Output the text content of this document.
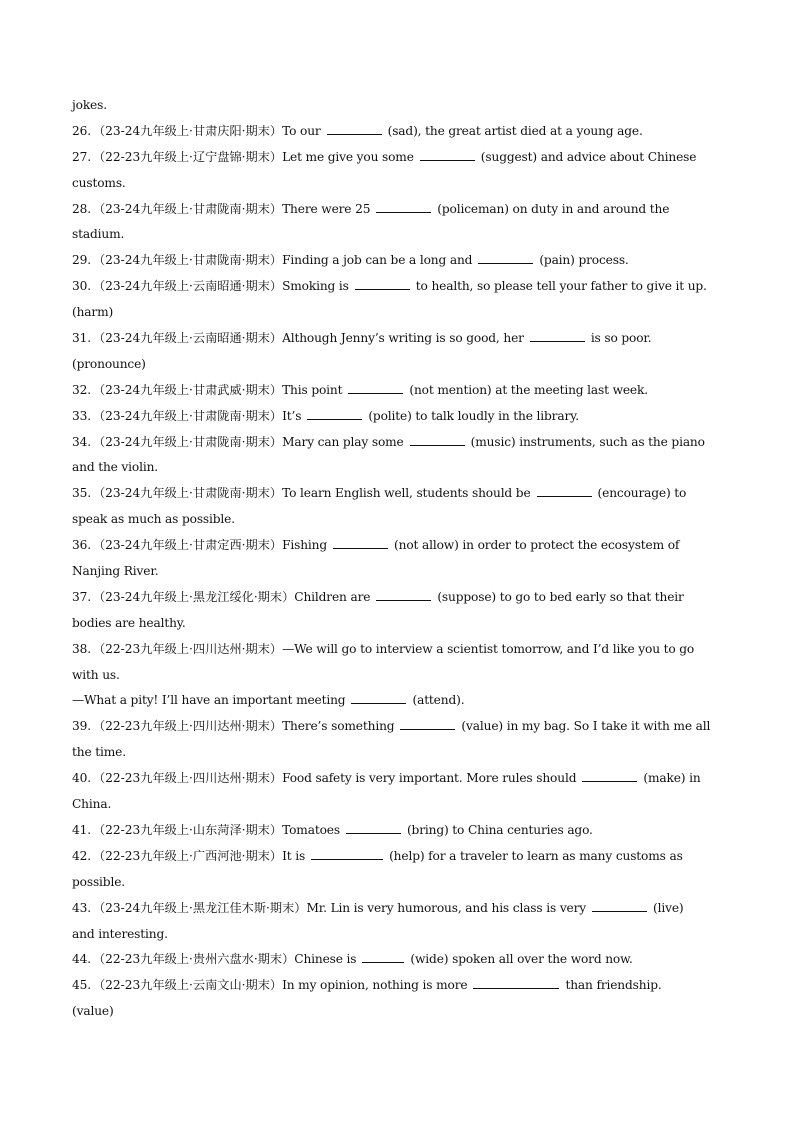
jokes.
26. （23-24九年级上·甘肃庆阳·期末）To our	(sad), the great artist died at a young age.
27. （22-23九年级上·辽宁盘锦·期末）Let me give you some	(suggest) and advice about Chinese
customs.
28. （23-24九年级上·甘肃陇南·期末）There were 25	(policeman) on duty in and around the
stadium.
29. （23-24九年级上·甘肃陇南·期末）Finding a job can be a long and	(pain) process.
30. （23-24九年级上·云南昭通·期末）Smoking is	to health, so please tell your father to give it up.
(harm)
31. （23-24九年级上·云南昭通·期末）Although Jenny’s writing is so good, her	is so poor.
(pronounce)
32. （23-24九年级上·甘肃武威·期末）This point	(not mention) at the meeting last week.
33. （23-24九年级上·甘肃陇南·期末）It’s	(polite) to talk loudly in the library.
34. （23-24九年级上·甘肃陇南·期末）Mary can play some	(music) instruments, such as the piano
and the violin.
35. （23-24九年级上·甘肃陇南·期末）To learn English well, students should be	(encourage) to
speak as much as possible.
36. （23-24九年级上·甘肃定西·期末）Fishing	(not allow) in order to protect the ecosystem of
Nanjing River.
37. （23-24九年级上·黑龙江绥化·期末）Children are	(suppose) to go to bed early so that their
bodies are healthy.
38. （22-23九年级上·四川达州·期末）—We will go to interview a scientist tomorrow, and I’d like you to go
with us.
—What a pity! I’ll have an important meeting	(attend).
39. （22-23九年级上·四川达州·期末）There’s something	(value) in my bag. So I take it with me all
the time.
40. （22-23九年级上·四川达州·期末）Food safety is very important. More rules should	(make) in
China.
41. （22-23九年级上·山东菏泽·期末）Tomatoes	(bring) to China centuries ago.
42. （22-23九年级上·广西河池·期末）It is	(help) for a traveler to learn as many customs as
possible.
43. （23-24九年级上·黑龙江佳木斯·期末）Mr. Lin is very humorous, and his class is very	(live)
and interesting.
44. （22-23九年级上·贵州六盘水·期末）Chinese is	(wide) spoken all over the word now.
45. （22-23九年级上·云南文山·期末）In my opinion, nothing is more	than friendship.
(value)
